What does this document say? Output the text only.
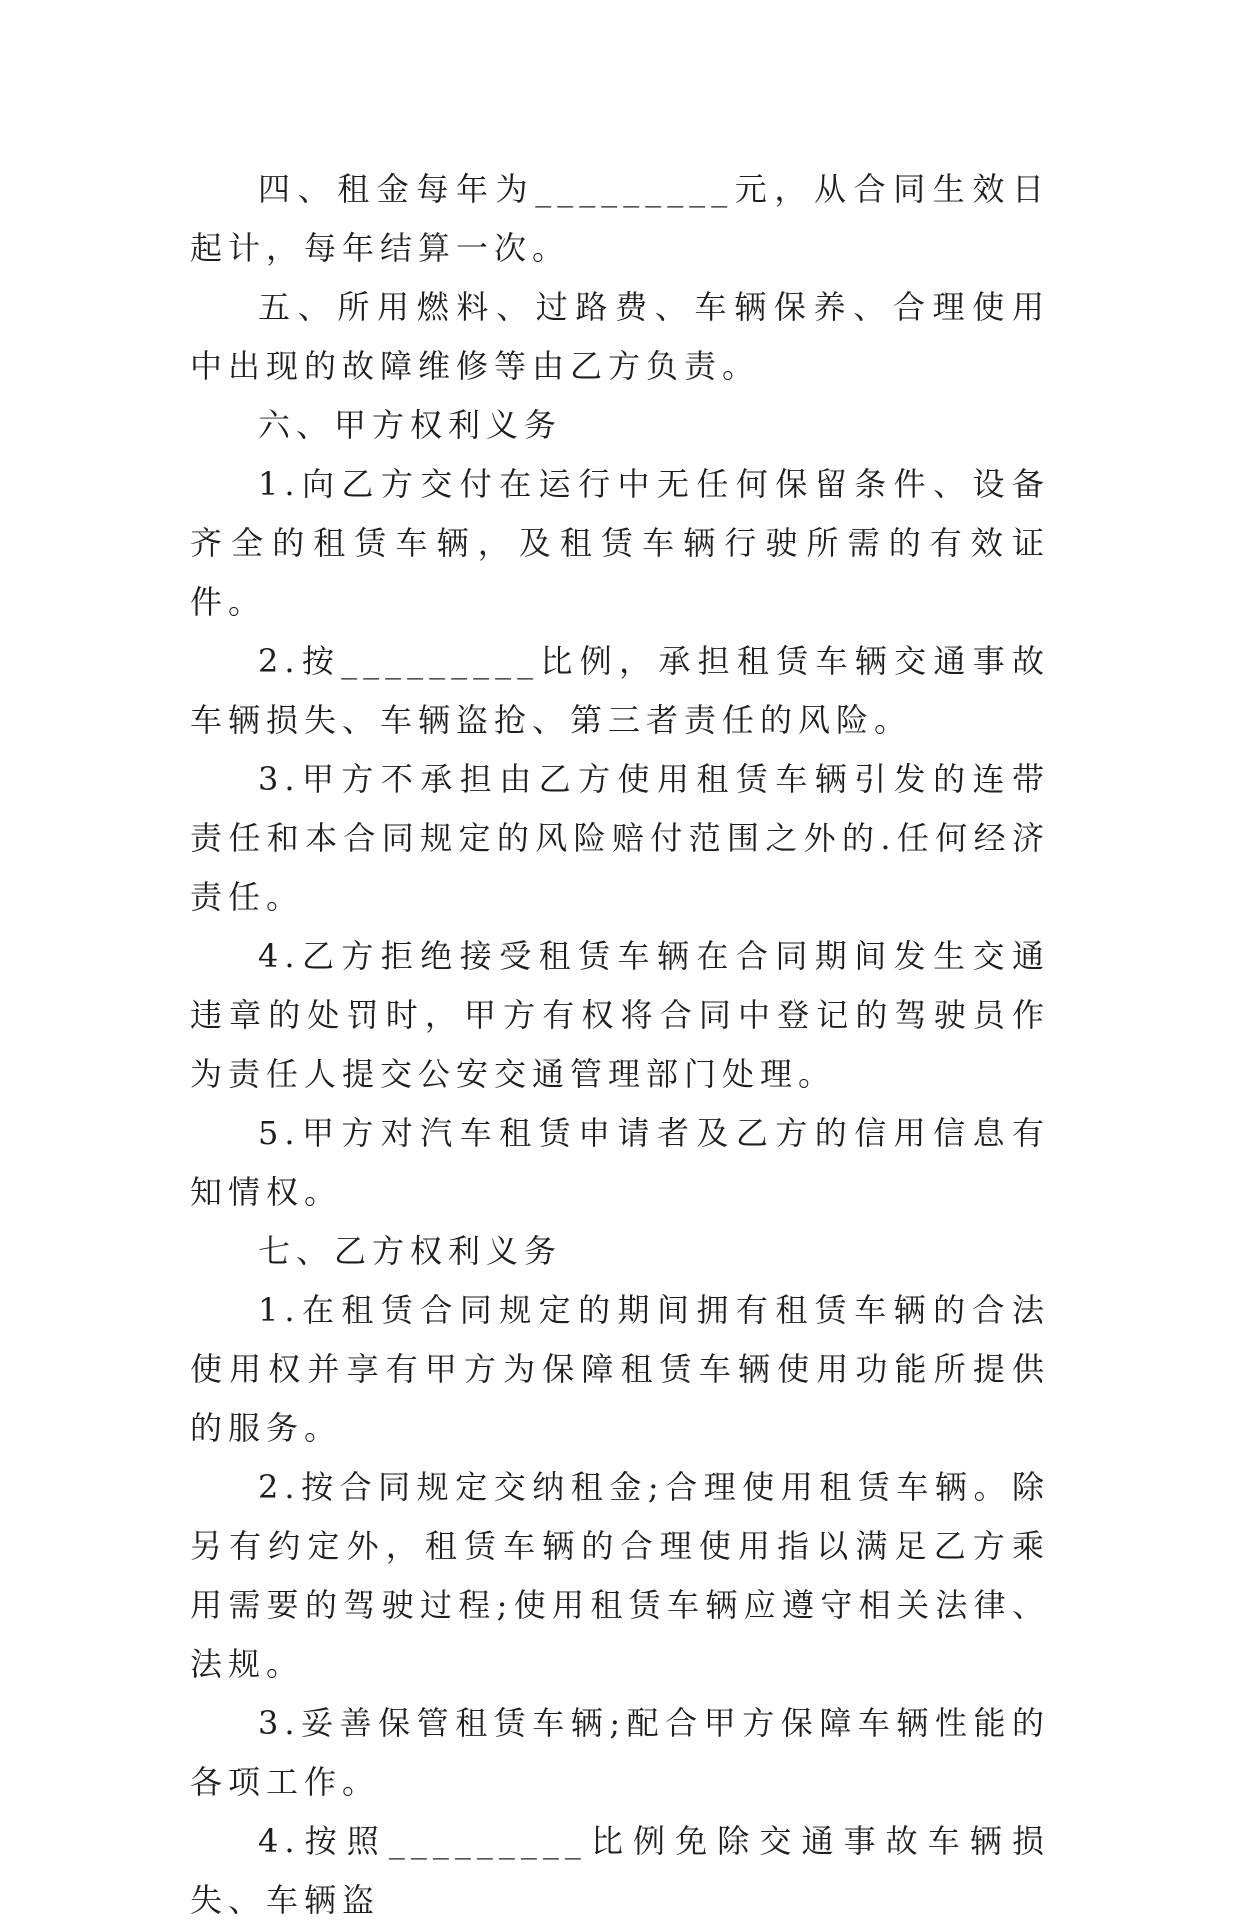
四、租金每年为_________元，从合同生效日起计，每年结算一次。

五、所用燃料、过路费、车辆保养、合理使用中出现的故障维修等由乙方负责。

六、甲方权利义务

1.向乙方交付在运行中无任何保留条件、设备齐全的租赁车辆，及租赁车辆行驶所需的有效证件。

2.按_________比例，承担租赁车辆交通事故车辆损失、车辆盗抢、第三者责任的风险。

3.甲方不承担由乙方使用租赁车辆引发的连带责任和本合同规定的风险赔付范围之外的.任何经济责任。

4.乙方拒绝接受租赁车辆在合同期间发生交通违章的处罚时，甲方有权将合同中登记的驾驶员作为责任人提交公安交通管理部门处理。

5.甲方对汽车租赁申请者及乙方的信用信息有知情权。

七、乙方权利义务

1.在租赁合同规定的期间拥有租赁车辆的合法使用权并享有甲方为保障租赁车辆使用功能所提供的服务。

2.按合同规定交纳租金;合理使用租赁车辆。除另有约定外，租赁车辆的合理使用指以满足乙方乘用需要的驾驶过程;使用租赁车辆应遵守相关法律、法规。

3.妥善保管租赁车辆;配合甲方保障车辆性能的各项工作。

4.按照_________比例免除交通事故车辆损失、车辆盗
